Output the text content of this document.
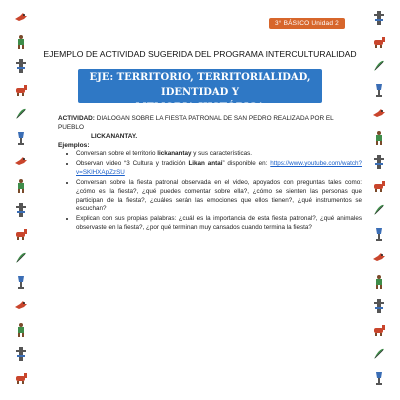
3° BÁSICO Unidad 2
EJEMPLO DE ACTIVIDAD SUGERIDA DEL PROGRAMA INTERCULTURALIDAD
EJE: TERRITORIO, TERRITORIALIDAD, IDENTIDAD Y
MEMORIA HISTÓRICA
ACTIVIDAD: DIALOGAN SOBRE LA FIESTA PATRONAL DE SAN PEDRO REALIZADA POR EL PUEBLO
LICKANANTAY.
Ejemplos:
• Conversan sobre el territorio lickanantay y sus características.
• Observan video “3 Cultura y tradición Likan antai” disponible en: https://www.youtube.com/watch?v=SKlHXApZzSU
• Conversan sobre la fiesta patronal observada en el video, apoyados con preguntas tales como: ¿cómo es la fiesta?, ¿qué puedes comentar sobre ella?, ¿cómo se sienten las personas que participan de la fiesta?, ¿cuáles serán las emociones que ellos tienen?, ¿qué instrumentos se escuchan?
• Explican con sus propias palabras: ¿cuál es la importancia de esta fiesta patronal?, ¿qué animales observaste en la fiesta?, ¿por qué terminan muy cansados cuando termina la fiesta?
